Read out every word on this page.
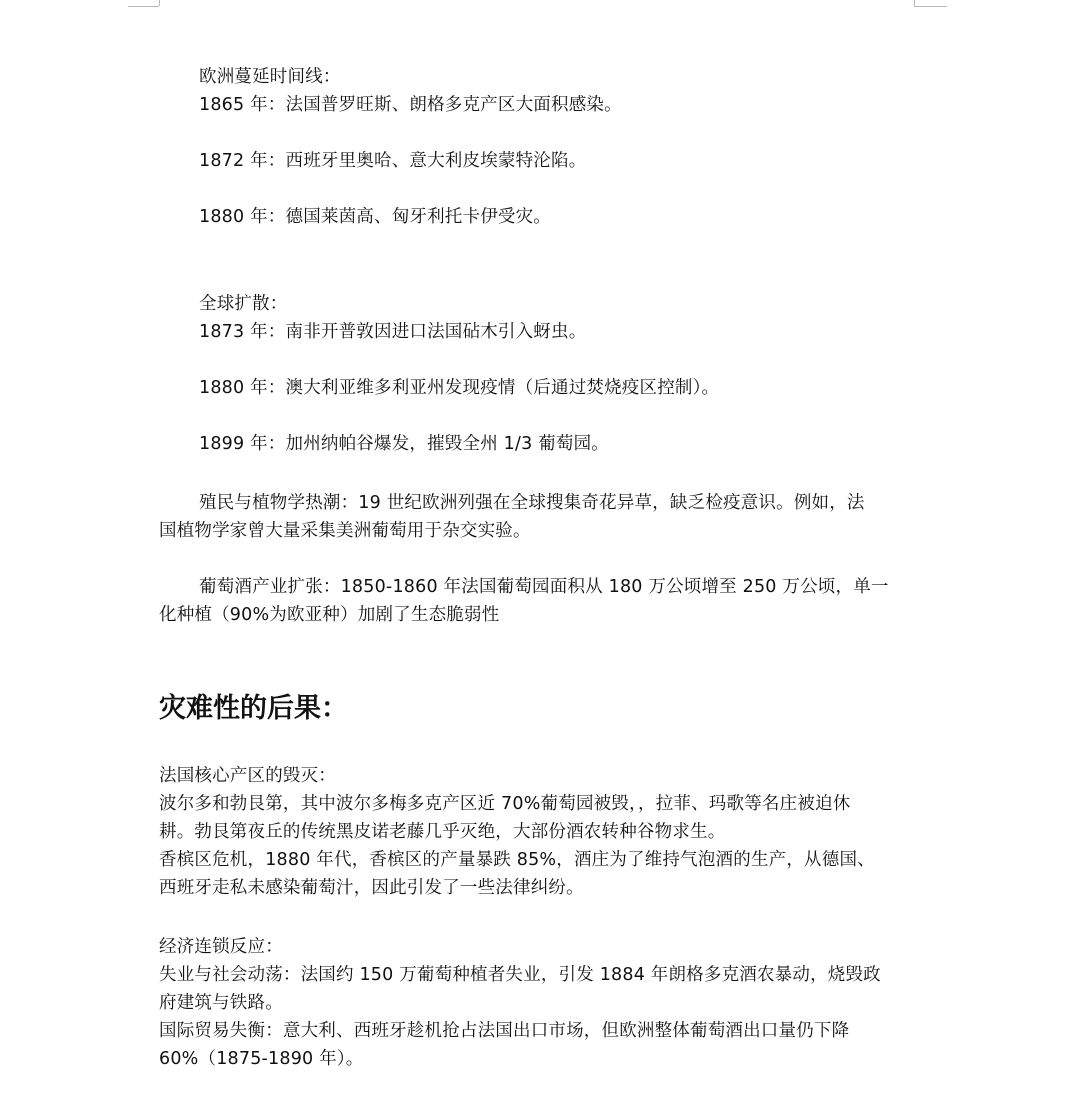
欧洲蔓延时间线：
1865 年：法国普罗旺斯、朗格多克产区大面积感染。
1872 年：西班牙里奥哈、意大利皮埃蒙特沦陷。
1880 年：德国莱茵高、匈牙利托卡伊受灾。
全球扩散：
1873 年：南非开普敦因进口法国砧木引入蚜虫。
1880 年：澳大利亚维多利亚州发现疫情（后通过焚烧疫区控制）。
1899 年：加州纳帕谷爆发，摧毁全州 1/3 葡萄园。
殖民与植物学热潮：19 世纪欧洲列强在全球搜集奇花异草，缺乏检疫意识。例如，法
国植物学家曾大量采集美洲葡萄用于杂交实验。
葡萄酒产业扩张：1850-1860 年法国葡萄园面积从 180 万公顷增至 250 万公顷，单一
化种植（90%为欧亚种）加剧了生态脆弱性
灾难性的后果：
法国核心产区的毁灭：
波尔多和勃艮第，其中波尔多梅多克产区近 70%葡萄园被毁，，拉菲、玛歌等名庄被迫休
耕。勃艮第夜丘的传统黑皮诺老藤几乎灭绝，大部份酒农转种谷物求生。
香槟区危机，1880 年代，香槟区的产量暴跌 85%，酒庄为了维持气泡酒的生产，从德国、
西班牙走私未感染葡萄汁，因此引发了一些法律纠纷。
经济连锁反应：
失业与社会动荡：法国约 150 万葡萄种植者失业，引发 1884 年朗格多克酒农暴动，烧毁政
府建筑与铁路。
国际贸易失衡：意大利、西班牙趁机抢占法国出口市场，但欧洲整体葡萄酒出口量仍下降
60%（1875-1890 年）。
